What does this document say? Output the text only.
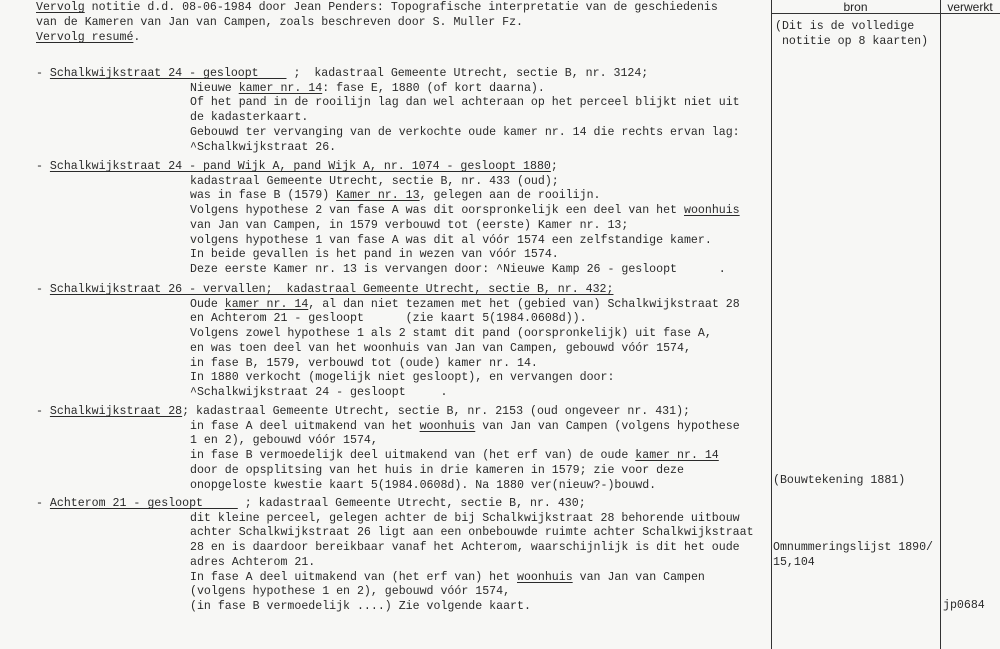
bron	verwerkt
Vervolg notitie d.d. 08-06-1984 door Jean Penders: Topografische interpretatie van de geschiedenis
van de Kameren van Jan van Campen, zoals beschreven door S. Muller Fz.
Vervolg resumé.
- Schalkwijkstraat 24 - gesloopt     ;  kadastraal Gemeente Utrecht, sectie B, nr. 3124;
Nieuwe kamer nr. 14: fase E, 1880 (of kort daarna).
Of het pand in de rooilijn lag dan wel achteraan op het perceel blijkt niet uit
de kadasterkaart.
Gebouwd ter vervanging van de verkochte oude kamer nr. 14 die rechts ervan lag:
^Schalkwijkstraat 26.
- Schalkwijkstraat 24 - pand Wijk A, pand Wijk A, nr. 1074 - gesloopt 1880;
kadastraal Gemeente Utrecht, sectie B, nr. 433 (oud);
was in fase B (1579) Kamer nr. 13, gelegen aan de rooilijn.
Volgens hypothese 2 van fase A was dit oorspronkelijk een deel van het woonhuis
van Jan van Campen, in 1579 verbouwd tot (eerste) Kamer nr. 13;
volgens hypothese 1 van fase A was dit al vóór 1574 een zelfstandige kamer.
In beide gevallen is het pand in wezen van vóór 1574.
Deze eerste Kamer nr. 13 is vervangen door: ^Nieuwe Kamp 26 - gesloopt      .
- Schalkwijkstraat 26 - vervallen;  kadastraal Gemeente Utrecht, sectie B, nr. 432;
Oude kamer nr. 14, al dan niet tezamen met het (gebied van) Schalkwijkstraat 28
en Achterom 21 - gesloopt      (zie kaart 5(1984.0608d)).
Volgens zowel hypothese 1 als 2 stamt dit pand (oorspronkelijk) uit fase A,
en was toen deel van het woonhuis van Jan van Campen, gebouwd vóór 1574,
in fase B, 1579, verbouwd tot (oude) kamer nr. 14.
In 1880 verkocht (mogelijk niet gesloopt), en vervangen door:
^Schalkwijkstraat 24 - gesloopt     .
- Schalkwijkstraat 28; kadastraal Gemeente Utrecht, sectie B, nr. 2153 (oud ongeveer nr. 431);
in fase A deel uitmakend van het woonhuis van Jan van Campen (volgens hypothese
1 en 2), gebouwd vóór 1574,
in fase B vermoedelijk deel uitmakend van (het erf van) de oude kamer nr. 14
door de opsplitsing van het huis in drie kameren in 1579; zie voor deze
onopgeloste kwestie kaart 5(1984.0608d). Na 1880 ver(nieuw?-)bouwd.
- Achterom 21 - gesloopt      ; kadastraal Gemeente Utrecht, sectie B, nr. 430;
dit kleine perceel, gelegen achter de bij Schalkwijkstraat 28 behorende uitbouw
achter Schalkwijkstraat 26 ligt aan een onbebouwde ruimte achter Schalkwijkstraat
28 en is daardoor bereikbaar vanaf het Achterom, waarschijnlijk is dit het oude
adres Achterom 21.
In fase A deel uitmakend van (het erf van) het woonhuis van Jan van Campen
(volgens hypothese 1 en 2), gebouwd vóór 1574,
(in fase B vermoedelijk ....) Zie volgende kaart.
(Dit is de volledige
notitie op 8 kaarten)
(Bouwtekening 1881)
Omnummeringslijst 1890/
15,104
jp0684
